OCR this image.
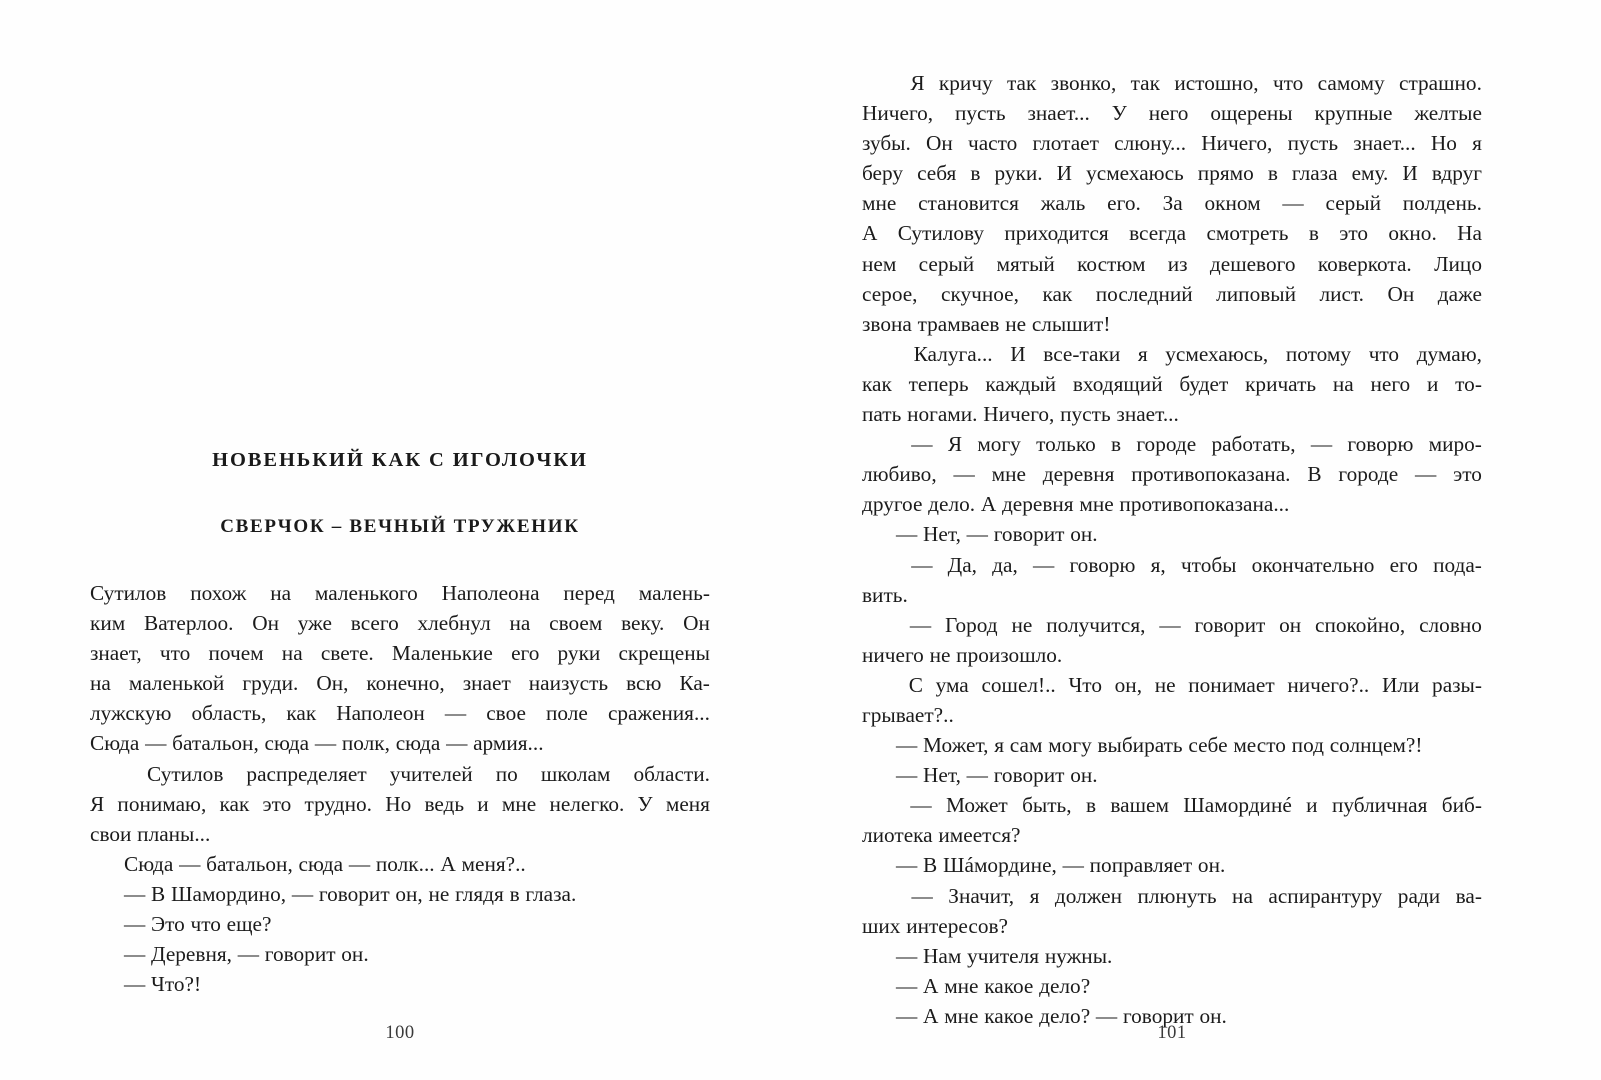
НОВЕНЬКИЙ КАК С ИГОЛОЧКИ
СВЕРЧОК – ВЕЧНЫЙ ТРУЖЕНИК
Сутилов похож на маленького Наполеона перед малень-
ким Ватерлоо. Он уже всего хлебнул на своем веку. Он
знает, что почем на свете. Маленькие его руки скрещены
на маленькой груди. Он, конечно, знает наизусть всю Ка-
лужскую область, как Наполеон — свое поле сражения...
Сюда — батальон, сюда — полк, сюда — армия...
Сутилов распределяет учителей по школам области.
Я понимаю, как это трудно. Но ведь и мне нелегко. У меня
свои планы...
Сюда — батальон, сюда — полк... А меня?..
— В Шамордино, — говорит он, не глядя в глаза.
— Это что еще?
— Деревня, — говорит он.
— Что?!
100
Я кричу так звонко, так истошно, что самому страшно.
Ничего, пусть знает... У него ощерены крупные желтые
зубы. Он часто глотает слюну... Ничего, пусть знает... Но я
беру себя в руки. И усмехаюсь прямо в глаза ему. И вдруг
мне становится жаль его. За окном — серый полдень.
А Сутилову приходится всегда смотреть в это окно. На
нем серый мятый костюм из дешевого коверкота. Лицо
серое, скучное, как последний липовый лист. Он даже
звона трамваев не слышит!
Калуга... И все-таки я усмехаюсь, потому что думаю,
как теперь каждый входящий будет кричать на него и то-
пать ногами. Ничего, пусть знает...
— Я могу только в городе работать, — говорю миро-
любиво, — мне деревня противопоказана. В городе — это
другое дело. А деревня мне противопоказана...
— Нет, — говорит он.
— Да, да, — говорю я, чтобы окончательно его пода-
вить.
— Город не получится, — говорит он спокойно, словно
ничего не произошло.
С ума сошел!.. Что он, не понимает ничего?.. Или разы-
грывает?..
— Может, я сам могу выбирать себе место под солнцем?!
— Нет, — говорит он.
— Может быть, в вашем Шамординé и публичная биб-
лиотека имеется?
— В Шáмордине, — поправляет он.
— Значит, я должен плюнуть на аспирантуру ради ва-
ших интересов?
— Нам учителя нужны.
— А мне какое дело?
— А мне какое дело? — говорит он.
101
